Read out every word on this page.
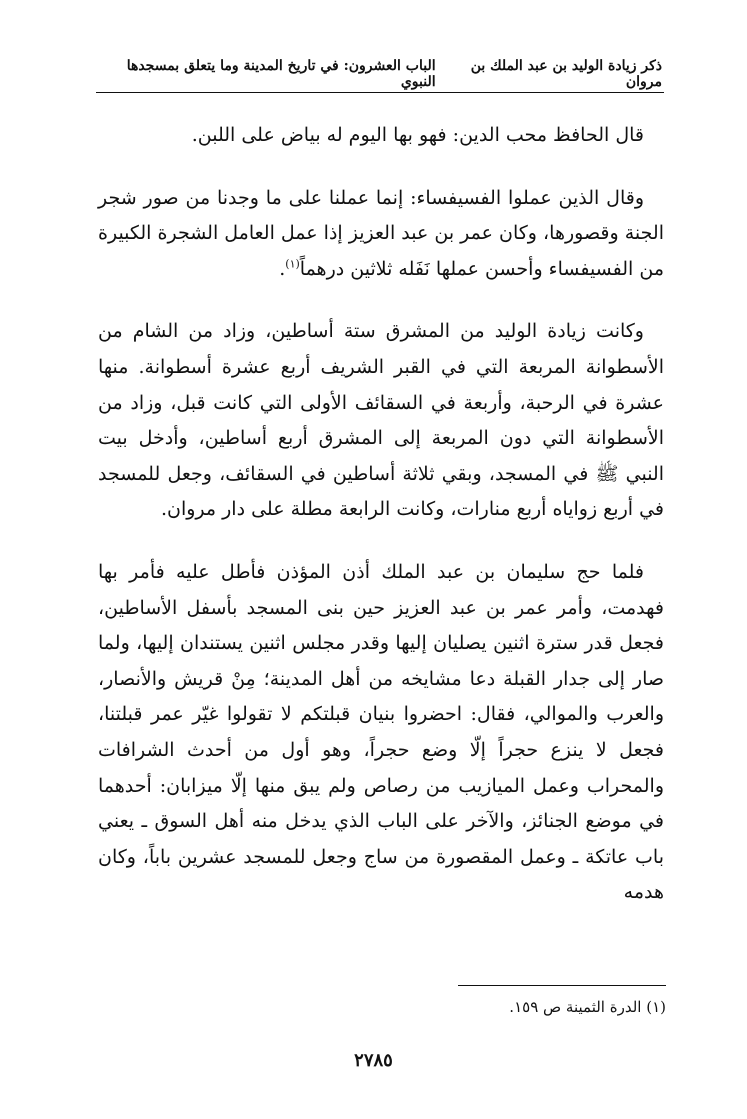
ذكر زيادة الوليد بن عبد الملك بن مروان
الباب العشرون: في تاريخ المدينة وما يتعلق بمسجدها النبوي

قال الحافظ محب الدين: فهو بها اليوم له بياض على اللبن.

وقال الذين عملوا الفسيفساء: إنما عملنا على ما وجدنا من صور شجر الجنة وقصورها، وكان عمر بن عبد العزيز إذا عمل العامل الشجرة الكبيرة من الفسيفساء وأحسن عملها نَفَله ثلاثين درهماً$^{(١)}$.

وكانت زيادة الوليد من المشرق ستة أساطين، وزاد من الشام من الأسطوانة المربعة التي في القبر الشريف أربع عشرة أسطوانة. منها عشرة في الرحبة، وأربعة في السقائف الأولى التي كانت قبل، وزاد من الأسطوانة التي دون المربعة إلى المشرق أربع أساطين، وأدخل بيت النبي ﷺ في المسجد، وبقي ثلاثة أساطين في السقائف، وجعل للمسجد في أربع زواياه أربع منارات، وكانت الرابعة مطلة على دار مروان.

فلما حج سليمان بن عبد الملك أذن المؤذن فأطل عليه فأمر بها فهدمت، وأمر عمر بن عبد العزيز حين بنى المسجد بأسفل الأساطين، فجعل قدر سترة اثنين يصليان إليها وقدر مجلس اثنين يستندان إليها، ولما صار إلى جدار القبلة دعا مشايخه من أهل المدينة؛ مِنْ قريش والأنصار، والعرب والموالي، فقال: احضروا بنيان قبلتكم لا تقولوا غيّر عمر قبلتنا، فجعل لا ينزع حجراً إلّا وضع حجراً، وهو أول من أحدث الشرافات والمحراب وعمل الميازيب من رصاص ولم يبق منها إلّا ميزابان: أحدهما في موضع الجنائز، والآخر على الباب الذي يدخل منه أهل السوق ـ يعني باب عاتكة ـ وعمل المقصورة من ساج وجعل للمسجد عشرين باباً، وكان هدمه

(١) الدرة الثمينة ص ١٥٩.
٢٧٨٥
